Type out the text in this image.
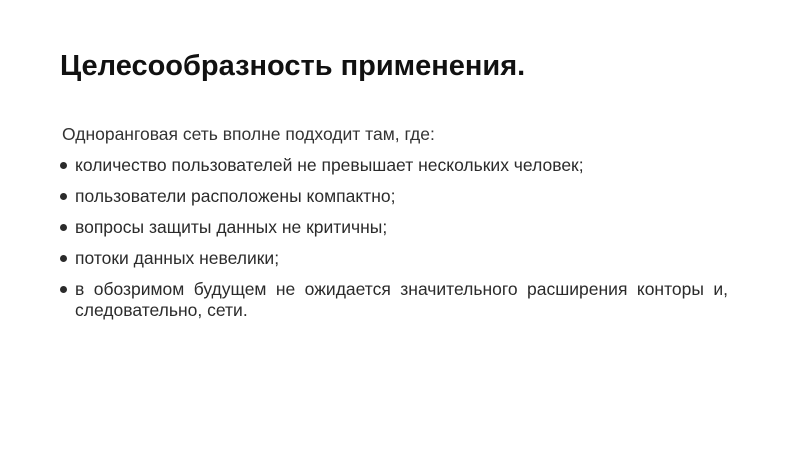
Целесообразность применения.
Одноранговая сеть вполне подходит там, где:
количество пользователей не превышает нескольких человек;
пользователи расположены компактно;
вопросы защиты данных не критичны;
потоки данных невелики;
в обозримом будущем не ожидается значительного расширения конторы и, следовательно, сети.
